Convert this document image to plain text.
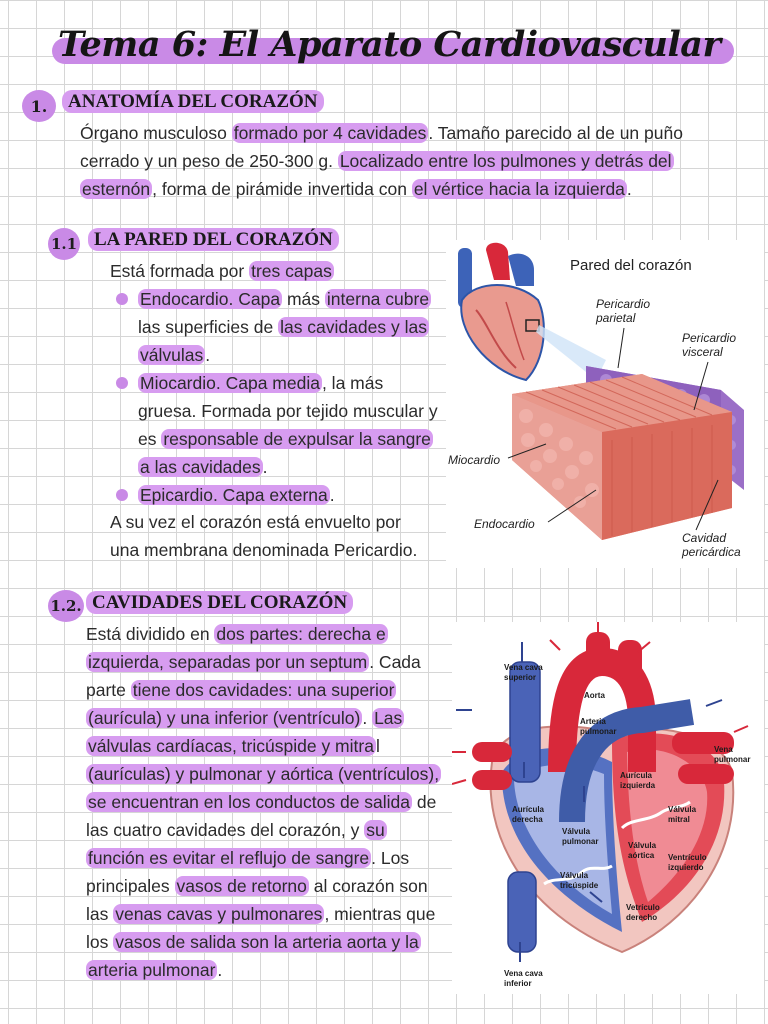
Tema 6: El Aparato Cardiovascular
1.	ANATOMÍA DEL CORAZÓN
Órgano musculoso formado por 4 cavidades . Tamaño parecido al de un puño cerrado y un peso de 250-300 g. Localizado entre los pulmones y detrás del esternón , forma de pirámide invertida con el vértice hacia la izquierda .
1.1 LA PARED DEL CORAZÓN
Está formada por tres capas
Endocardio. Capa más interna cubre las superficies de las cavidades y las válvulas .
Miocardio. Capa media , la más gruesa. Formada por tejido muscular y es responsable de expulsar la sangre a las cavidades .
Epicardio. Capa externa .
A su vez el corazón está envuelto por una membrana denominada Pericardio.
Pared del corazón
Pericardio parietal
Pericardio visceral
Miocardio
Endocardio
Cavidad pericárdica
1.2. CAVIDADES DEL CORAZÓN
Está dividido en dos partes: derecha e izquierda, separadas por un septum . Cada parte tiene dos cavidades: una superior (aurícula) y una inferior (ventrículo) . Las válvulas cardíacas, tricúspide y mitra l (aurículas) y pulmonar y aórtica (ventrículos), se encuentran en los conductos de salida de las cuatro cavidades del corazón, y su función es evitar el reflujo de sangre . Los principales vasos de retorno al corazón son las venas cavas y pulmonares , mientras que los vasos de salida son la arteria aorta y la arteria pulmonar .
Vena cava superior
Aorta
Arteria pulmonar
Vena pulmonar
Aurícula izquierda
Aurícula derecha
Válvula mitral
Válvula pulmonar	Válvula aórtica Ventrículo izquierdo
Válvula tricúspide
Vetrículo derecho
Vena cava inferior
